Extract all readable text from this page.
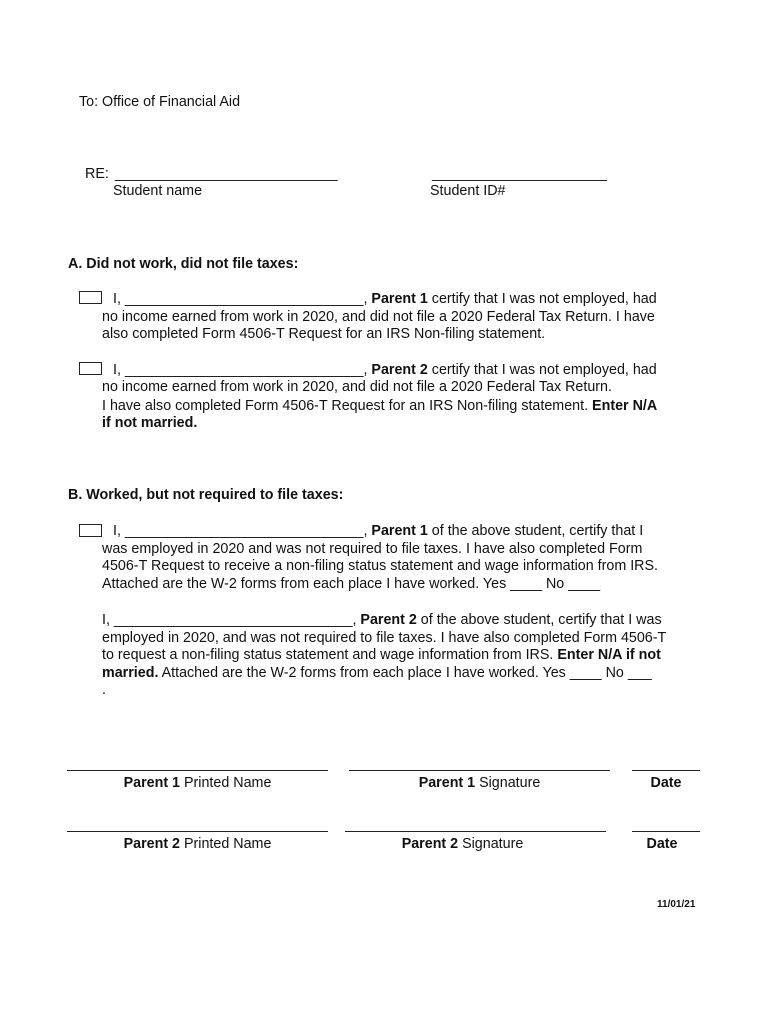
To: Office of Financial Aid
RE: ____________________________
Student name
______________________
Student ID#
A. Did not work, did not file taxes:
I, ______________________________, Parent 1 certify that I was not employed, had
no income earned from work in 2020, and did not file a 2020 Federal Tax Return. I have
also completed Form 4506-T Request for an IRS Non-filing statement.
I, ______________________________, Parent 2 certify that I was not employed, had
no income earned from work in 2020, and did not file a 2020 Federal Tax Return.
I have also completed Form 4506-T Request for an IRS Non-filing statement. Enter N/A
if not married.
B. Worked, but not required to file taxes:
I, ______________________________, Parent 1 of the above student, certify that I
was employed in 2020 and was not required to file taxes. I have also completed Form
4506-T Request to receive a non-filing status statement and wage information from IRS.
Attached are the W-2 forms from each place I have worked. Yes ____ No ____
I, ______________________________, Parent 2 of the above student, certify that I was
employed in 2020, and was not required to file taxes. I have also completed Form 4506-T
to request a non-filing status statement and wage information from IRS. Enter N/A if not
married. Attached are the W-2 forms from each place I have worked. Yes ____ No ___
.
Parent 1 Printed Name	Parent 1 Signature	Date
Parent 2 Printed Name	Parent 2 Signature	Date
11/01/21
